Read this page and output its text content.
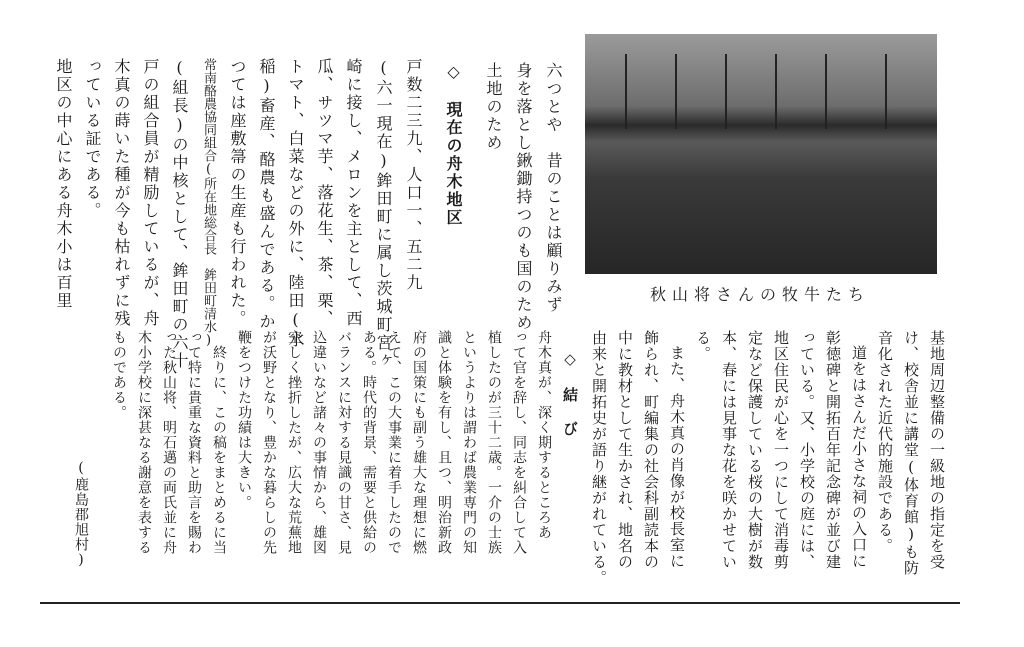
六つとや　昔のことは顧りみず
身を落とし鍬鋤持つのも国のため
土地のため
◇　現在の舟木地区
戸数二三九、人口一、五二九
(六一現在)鉾田町に属し茨城町宮ヶ
崎に接し、メロンを主として、西
瓜、サツマ芋、落花生、茶、栗、
トマト、白菜などの外に、陸田(水
稲)畜産、酪農も盛んである。か
つては座敷箒の生産も行われた。
常南酪農協同組合(所在地総合長　鉾田町清水)
(組長)の中核として、鉾田町の六十
戸の組合員が精励しているが、舟
木真の蒔いた種が今も枯れずに残
っている証である。
地区の中心にある舟木小は百里	秋山将さんの牧牛たち
基地周辺整備の一級地の指定を受
け、校舎並に講堂(体育館)も防
音化された近代的施設である。
道をはさんだ小さな祠の入口に
彰徳碑と開拓百年記念碑が並び建
っている。又、小学校の庭には、
地区住民が心を一つにして消毒剪
定など保護している桜の大樹が数
本、春には見事な花を咲かせてい
る。
また、舟木真の肖像が校長室に
飾られ、町編集の社会科副読本の
中に教材として生かされ、地名の
由来と開拓史が語り継がれている。
◇　結　び
舟木真が、深く期するところあ
って官を辞し、同志を糾合して入
植したのが三十二歳。一介の士族
というよりは謂わば農業専門の知
識と体験を有し、且つ、明治新政
府の国策にも副う雄大な理想に燃
えて、この大事業に着手したので
ある。時代的背景、需要と供給の
バランスに対する見識の甘さ、見
込違いなど諸々の事情から、雄図
空しく挫折したが、広大な荒蕪地
が沃野となり、豊かな暮らしの先
鞭をつけた功績は大きい。
終りに、この稿をまとめるに当
って特に貴重な資料と助言を賜わ
った秋山将、明石邁の両氏並に舟
木小学校に深甚なる謝意を表する
ものである。
(鹿島郡旭村)
